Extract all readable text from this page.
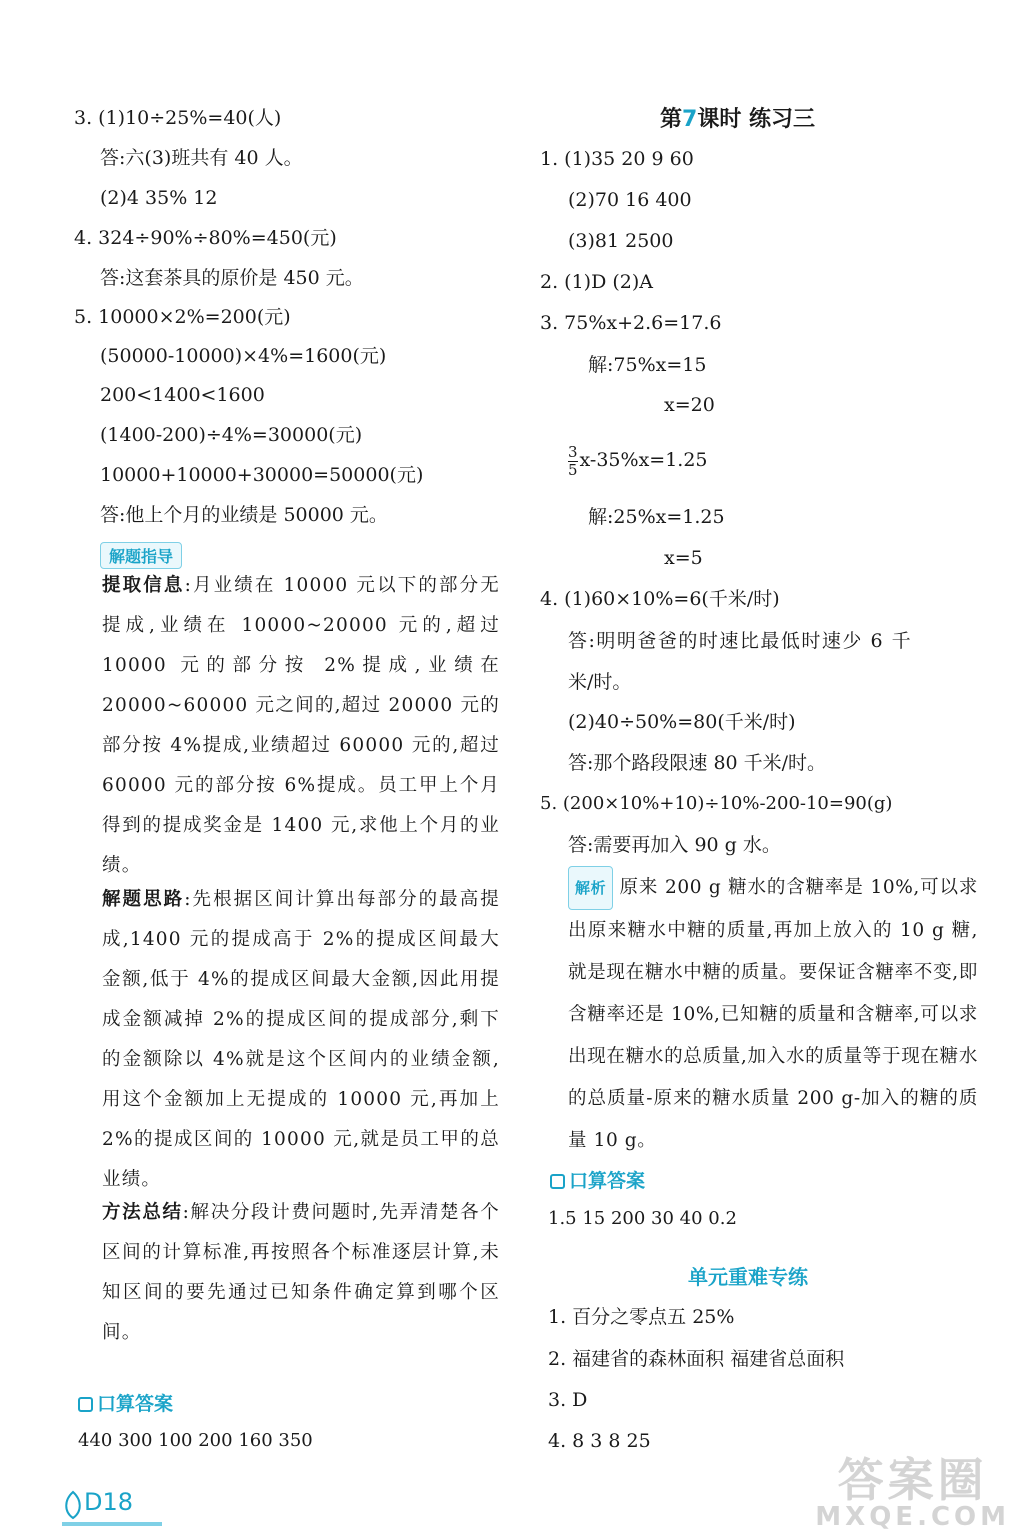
3. (1)10÷25%=40(人)
答:六(3)班共有 40 人。
(2)4 35% 12
4. 324÷90%÷80%=450(元)
答:这套茶具的原价是 450 元。
5. 10000×2%=200(元)
(50000-10000)×4%=1600(元)
200<1400<1600
(1400-200)÷4%=30000(元)
10000+10000+30000=50000(元)
答:他上个月的业绩是 50000 元。
解题指导
提取信息:月业绩在 10000 元以下的部分无提成,业绩在 10000~20000 元的,超过 10000 元的部分按 2%提成,业绩在 20000~60000 元之间的,超过 20000 元的部分按 4%提成,业绩超过 60000 元的,超过 60000 元的部分按 6%提成。员工甲上个月得到的提成奖金是 1400 元,求他上个月的业绩。
解题思路:先根据区间计算出每部分的最高提成,1400 元的提成高于 2%的提成区间最大金额,低于 4%的提成区间最大金额,因此用提成金额减掉 2%的提成区间的提成部分,剩下的金额除以 4%就是这个区间内的业绩金额,用这个金额加上无提成的 10000 元,再加上 2%的提成区间的 10000 元,就是员工甲的总业绩。
方法总结:解决分段计费问题时,先弄清楚各个区间的计算标准,再按照各个标准逐层计算,未知区间的要先通过已知条件确定算到哪个区间。
口算答案
440 300 100 200 160 350
第7课时 练习三
1. (1)35 20 9 60
(2)70 16 400
(3)81 2500
2. (1)D (2)A
3. 75%x+2.6=17.6
解:75%x=15
x=20
$\frac{3}{5} x-35\%x=1.25$
解:25%x=1.25
x=5
4. (1)60×10%=6(千米/时)
答:明明爸爸的时速比最低时速少 6 千
米/时。
(2)40÷50%=80(千米/时)
答:那个路段限速 80 千米/时。
5. (200×10%+10)÷10%-200-10=90(g)
答:需要再加入 90 g 水。
解析 原来 200 g 糖水的含糖率是 10%,可以求出原来糖水中糖的质量,再加上放入的 10 g 糖,就是现在糖水中糖的质量。要保证含糖率不变,即含糖率还是 10%,已知糖的质量和含糖率,可以求出现在糖水的总质量,加入水的质量等于现在糖水的总质量-原来的糖水质量 200 g-加入的糖的质量 10 g。
口算答案
1.5 15 200 30 40 0.2
单元重难专练
1. 百分之零点五 25%
2. 福建省的森林面积 福建省总面积
3. D
4. 8 3 8 25
D18	答案圈
MXQE.COM
